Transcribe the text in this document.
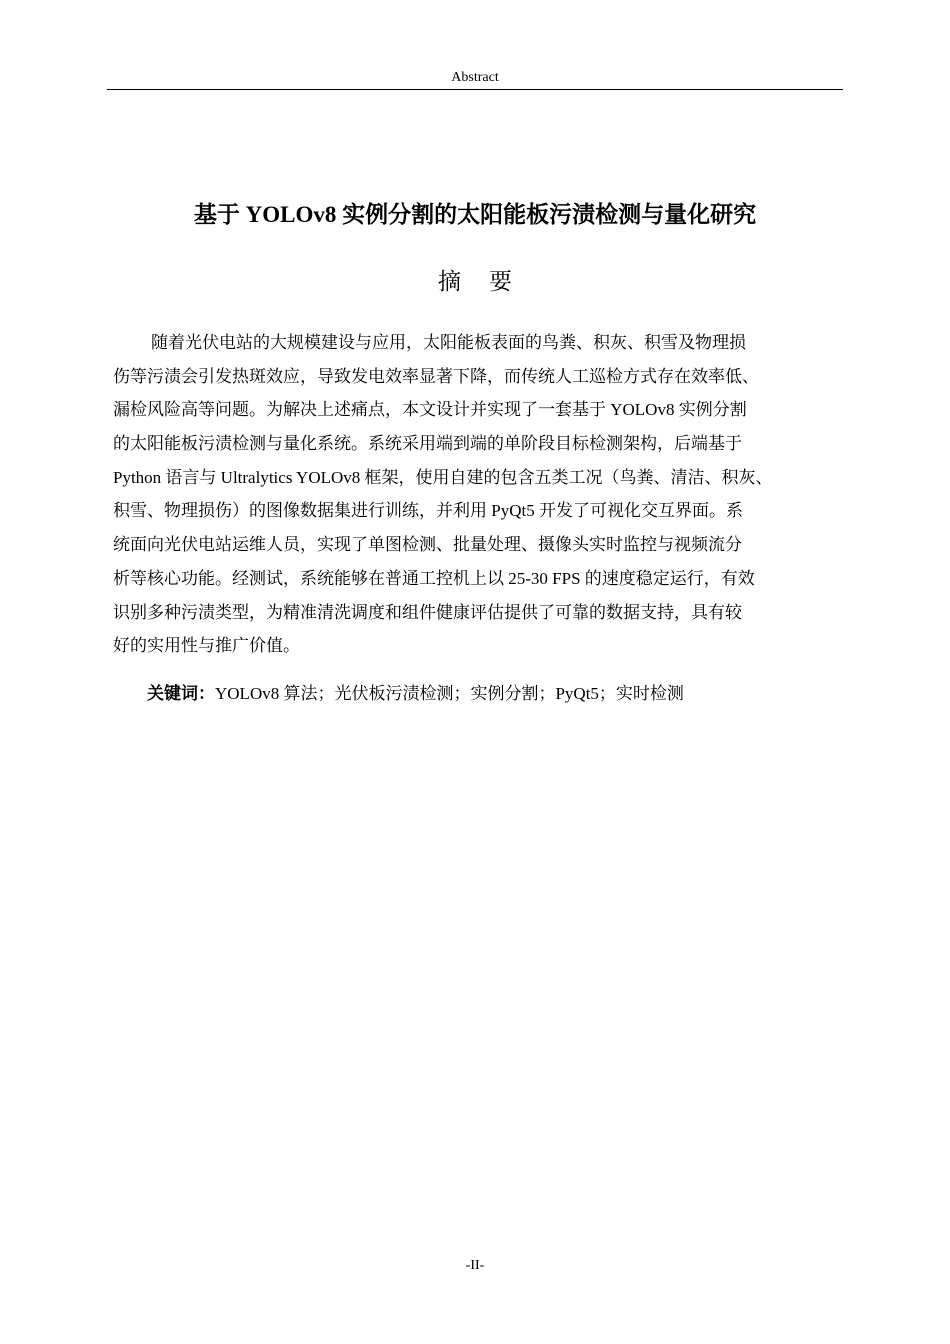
Abstract
基于 YOLOv8 实例分割的太阳能板污渍检测与量化研究
摘要
随着光伏电站的大规模建设与应用，太阳能板表面的鸟粪、积灰、积雪及物理损
伤等污渍会引发热斑效应，导致发电效率显著下降，而传统人工巡检方式存在效率低、
漏检风险高等问题。为解决上述痛点，本文设计并实现了一套基于 YOLOv8 实例分割
的太阳能板污渍检测与量化系统。系统采用端到端的单阶段目标检测架构，后端基于
Python 语言与 Ultralytics YOLOv8 框架，使用自建的包含五类工况（鸟粪、清洁、积灰、
积雪、物理损伤）的图像数据集进行训练，并利用 PyQt5 开发了可视化交互界面。系
统面向光伏电站运维人员，实现了单图检测、批量处理、摄像头实时监控与视频流分
析等核心功能。经测试，系统能够在普通工控机上以 25-30 FPS 的速度稳定运行，有效
识别多种污渍类型，为精准清洗调度和组件健康评估提供了可靠的数据支持，具有较
好的实用性与推广价值。
关键词：YOLOv8 算法；光伏板污渍检测；实例分割；PyQt5；实时检测
-II-
